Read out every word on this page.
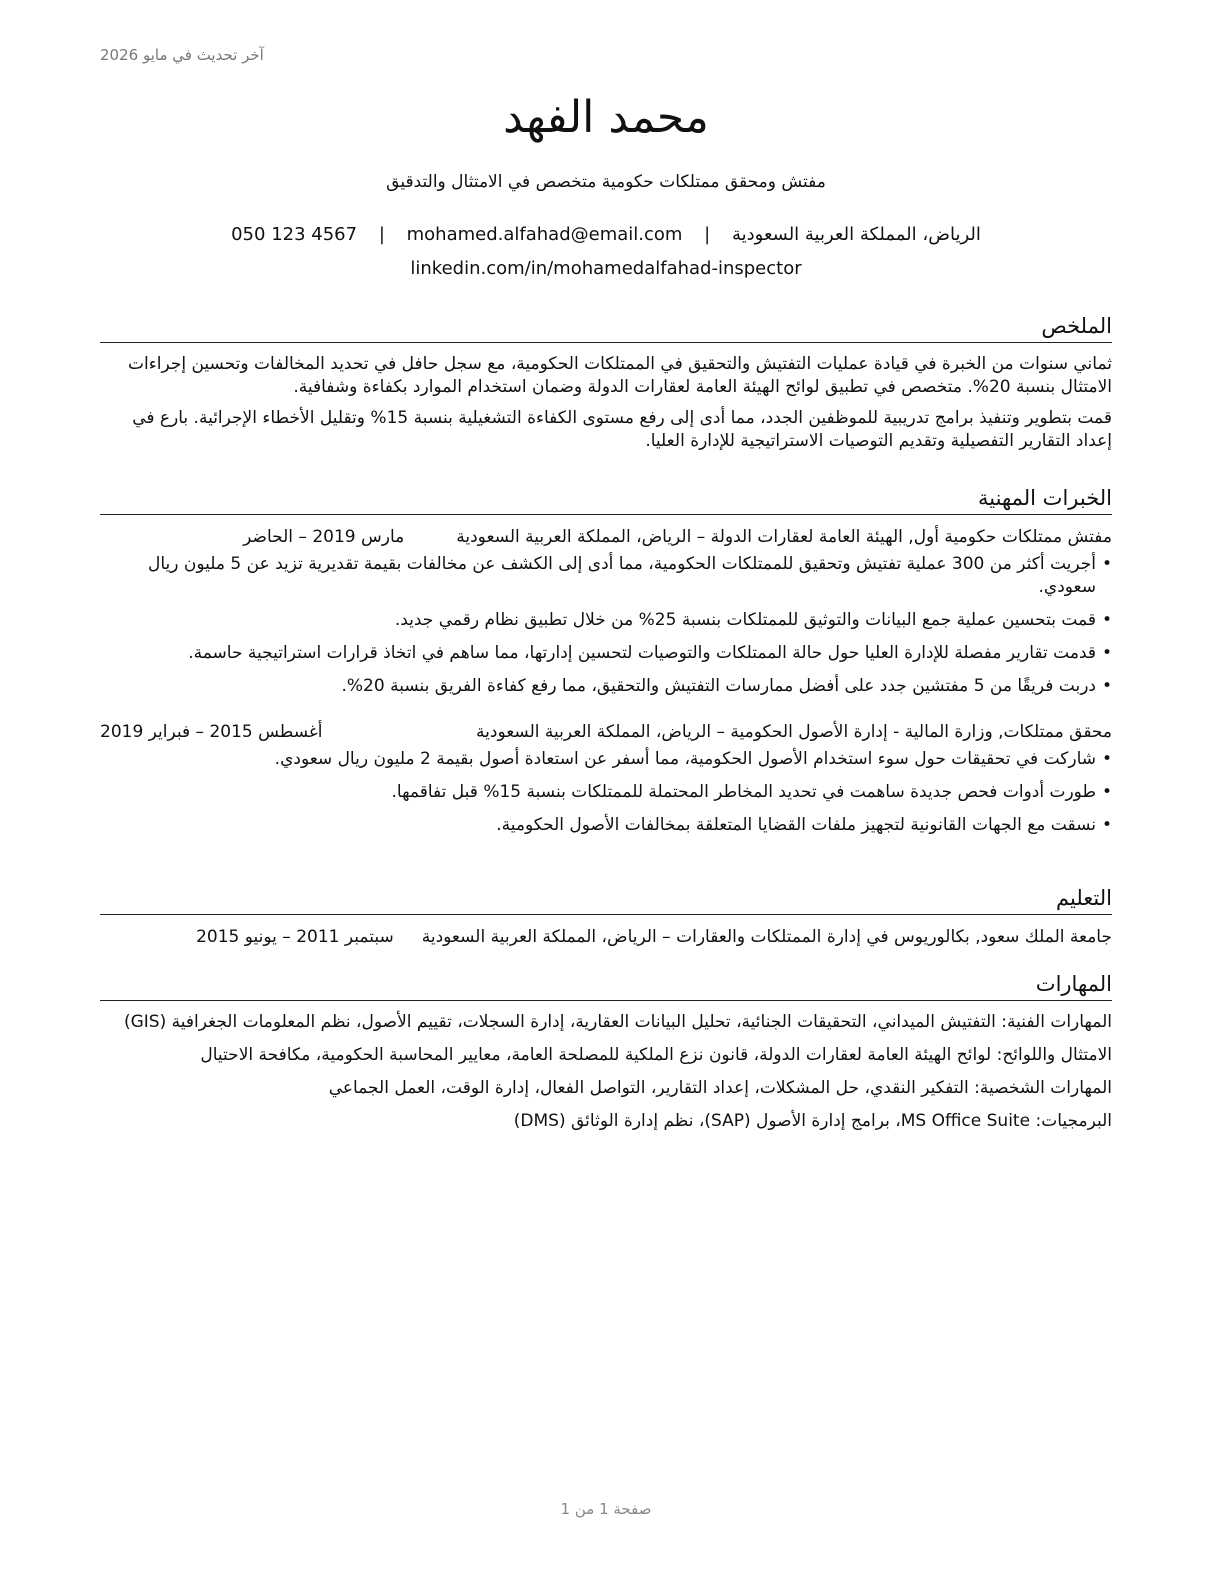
آخر تحديث في مايو 2026
محمد الفهد
مفتش ومحقق ممتلكات حكومية متخصص في الامتثال والتدقيق
الرياض، المملكة العربية السعودية | mohamed.alfahad@email.com | 050 123 4567
linkedin.com/in/mohamedalfahad-inspector
الملخص

ثماني سنوات من الخبرة في قيادة عمليات التفتيش والتحقيق في الممتلكات الحكومية، مع سجل حافل في تحديد المخالفات وتحسين إجراءات الامتثال بنسبة 20%. متخصص في تطبيق لوائح الهيئة العامة لعقارات الدولة وضمان استخدام الموارد بكفاءة وشفافية.

قمت بتطوير وتنفيذ برامج تدريبية للموظفين الجدد، مما أدى إلى رفع مستوى الكفاءة التشغيلية بنسبة 15% وتقليل الأخطاء الإجرائية. بارع في إعداد التقارير التفصيلية وتقديم التوصيات الاستراتيجية للإدارة العليا.

الخبرات المهنية
مفتش ممتلكات حكومية أول, الهيئة العامة لعقارات الدولة – الرياض، المملكة العربية السعودية
مارس 2019 – الحاضر
• أجريت أكثر من 300 عملية تفتيش وتحقيق للممتلكات الحكومية، مما أدى إلى الكشف عن مخالفات بقيمة تقديرية تزيد عن 5 مليون ريال سعودي.
• قمت بتحسين عملية جمع البيانات والتوثيق للممتلكات بنسبة 25% من خلال تطبيق نظام رقمي جديد.
• قدمت تقارير مفصلة للإدارة العليا حول حالة الممتلكات والتوصيات لتحسين إدارتها، مما ساهم في اتخاذ قرارات استراتيجية حاسمة.
• دربت فريقًا من 5 مفتشين جدد على أفضل ممارسات التفتيش والتحقيق، مما رفع كفاءة الفريق بنسبة 20%.
محقق ممتلكات, وزارة المالية - إدارة الأصول الحكومية – الرياض، المملكة العربية السعودية
أغسطس 2015 – فبراير 2019
• شاركت في تحقيقات حول سوء استخدام الأصول الحكومية، مما أسفر عن استعادة أصول بقيمة 2 مليون ريال سعودي.
• طورت أدوات فحص جديدة ساهمت في تحديد المخاطر المحتملة للممتلكات بنسبة 15% قبل تفاقمها.
• نسقت مع الجهات القانونية لتجهيز ملفات القضايا المتعلقة بمخالفات الأصول الحكومية.
التعليم
جامعة الملك سعود, بكالوريوس في إدارة الممتلكات والعقارات – الرياض، المملكة العربية السعودية
سبتمبر 2011 – يونيو 2015
المهارات
المهارات الفنية: التفتيش الميداني، التحقيقات الجنائية، تحليل البيانات العقارية، إدارة السجلات، تقييم الأصول، نظم المعلومات الجغرافية (GIS)
الامتثال واللوائح: لوائح الهيئة العامة لعقارات الدولة، قانون نزع الملكية للمصلحة العامة، معايير المحاسبة الحكومية، مكافحة الاحتيال
المهارات الشخصية: التفكير النقدي، حل المشكلات، إعداد التقارير، التواصل الفعال، إدارة الوقت، العمل الجماعي
البرمجيات: MS Office Suite، برامج إدارة الأصول (SAP)، نظم إدارة الوثائق (DMS)
صفحة 1 من 1
